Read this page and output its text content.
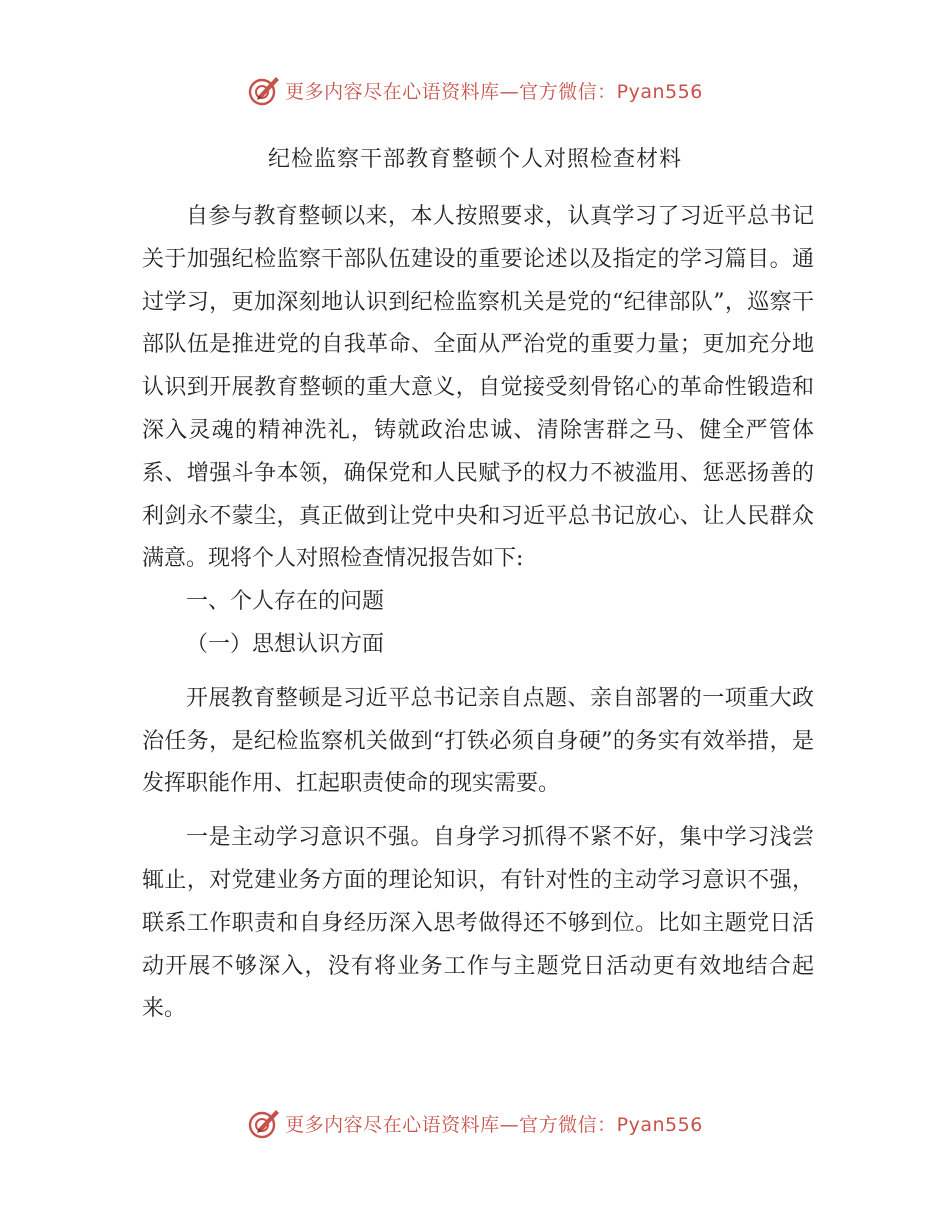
更多内容尽在心语资料库—官方微信：Pyan556
纪检监察干部教育整顿个人对照检查材料

自参与教育整顿以来，本人按照要求，认真学习了习近平总书记关于加强纪检监察干部队伍建设的重要论述以及指定的学习篇目。通过学习，更加深刻地认识到纪检监察机关是党的“纪律部队”，巡察干部队伍是推进党的自我革命、全面从严治党的重要力量；更加充分地认识到开展教育整顿的重大意义，自觉接受刻骨铭心的革命性锻造和深入灵魂的精神洗礼，铸就政治忠诚、清除害群之马、健全严管体系、增强斗争本领，确保党和人民赋予的权力不被滥用、惩恶扬善的利剑永不蒙尘，真正做到让党中央和习近平总书记放心、让人民群众满意。现将个人对照检查情况报告如下:

一、个人存在的问题

（一）思想认识方面

开展教育整顿是习近平总书记亲自点题、亲自部署的一项重大政治任务，是纪检监察机关做到“打铁必须自身硬”的务实有效举措，是发挥职能作用、扛起职责使命的现实需要。

一是主动学习意识不强。自身学习抓得不紧不好，集中学习浅尝辄止，对党建业务方面的理论知识，有针对性的主动学习意识不强，联系工作职责和自身经历深入思考做得还不够到位。比如主题党日活动开展不够深入，没有将业务工作与主题党日活动更有效地结合起来。

更多内容尽在心语资料库—官方微信：Pyan556
